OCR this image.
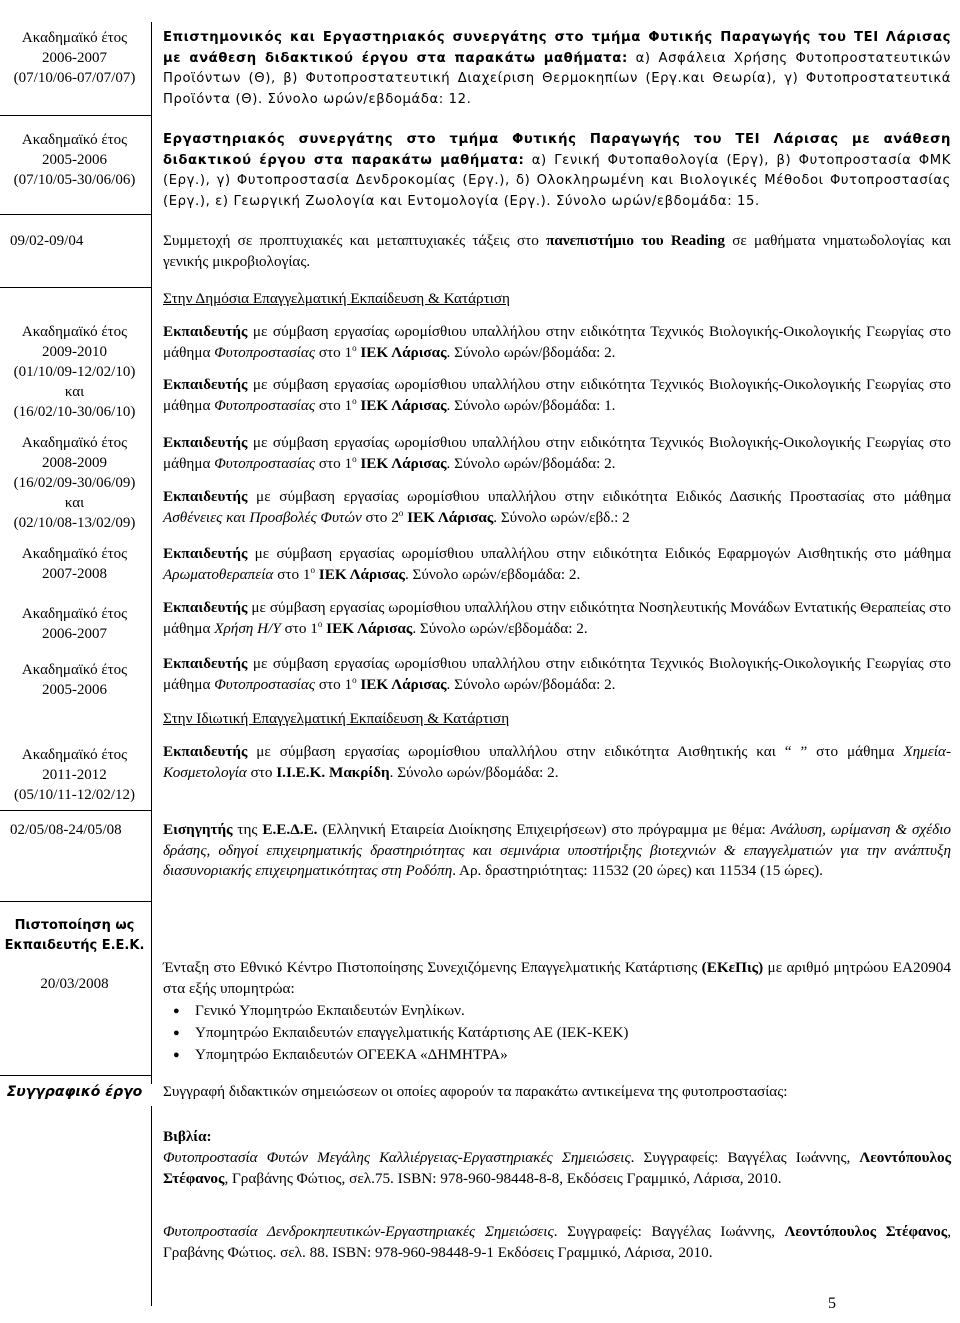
Ακαδημαϊκό έτος
2006-2007
(07/10/06-07/07/07)
Ακαδημαϊκό έτος
2005-2006
(07/10/05-30/06/06)
09/02-09/04
Ακαδημαϊκό έτος
2009-2010
(01/10/09-12/02/10)
και
(16/02/10-30/06/10)
Ακαδημαϊκό έτος
2008-2009
(16/02/09-30/06/09)
και
(02/10/08-13/02/09)
Ακαδημαϊκό έτος
2007-2008
Ακαδημαϊκό έτος
2006-2007
Ακαδημαϊκό έτος
2005-2006
Ακαδημαϊκό έτος
2011-2012
(05/10/11-12/02/12)
02/05/08-24/05/08
Πιστοποίηση ως
Εκπαιδευτής Ε.Ε.Κ.
20/03/2008
Συγγραφικό έργο
Επιστημονικός και Εργαστηριακός συνεργάτης στο τμήμα Φυτικής Παραγωγής του ΤΕΙ Λάρισας με ανάθεση διδακτικού έργου στα παρακάτω μαθήματα: α) Ασφάλεια Χρήσης Φυτοπροστατευτικών Προϊόντων (Θ), β) Φυτοπροστατευτική Διαχείριση Θερμοκηπίων (Εργ.και Θεωρία), γ) Φυτοπροστατευτικά Προϊόντα (Θ). Σύνολο ωρών/εβδομάδα: 12.
Εργαστηριακός συνεργάτης στο τμήμα Φυτικής Παραγωγής του ΤΕΙ Λάρισας με ανάθεση διδακτικού έργου στα παρακάτω μαθήματα: α) Γενική Φυτοπαθολογία (Εργ), β) Φυτοπροστασία ΦΜΚ (Εργ.), γ) Φυτοπροστασία Δενδροκομίας (Εργ.), δ) Ολοκληρωμένη και Βιολογικές Μέθοδοι Φυτοπροστασίας (Εργ.), ε) Γεωργική Ζωολογία και Εντομολογία (Εργ.). Σύνολο ωρών/εβδομάδα: 15.
Συμμετοχή σε προπτυχιακές και μεταπτυχιακές τάξεις στο πανεπιστήμιο του Reading σε μαθήματα νηματωδολογίας και γενικής μικροβιολογίας.
Στην Δημόσια Επαγγελματική Εκπαίδευση & Κατάρτιση
Εκπαιδευτής με σύμβαση εργασίας ωρομίσθιου υπαλλήλου στην ειδικότητα Τεχνικός Βιολογικής-Οικολογικής Γεωργίας στο μάθημα Φυτοπροστασίας στο $1^o$ ΙΕΚ Λάρισας. Σύνολο ωρών/βδομάδα: 2.
Εκπαιδευτής με σύμβαση εργασίας ωρομίσθιου υπαλλήλου στην ειδικότητα Τεχνικός Βιολογικής-Οικολογικής Γεωργίας στο μάθημα Φυτοπροστασίας στο $1^o$ ΙΕΚ Λάρισας. Σύνολο ωρών/βδομάδα: 1.
Εκπαιδευτής με σύμβαση εργασίας ωρομίσθιου υπαλλήλου στην ειδικότητα Τεχνικός Βιολογικής-Οικολογικής Γεωργίας στο μάθημα Φυτοπροστασίας στο $1^o$ ΙΕΚ Λάρισας. Σύνολο ωρών/βδομάδα: 2.
Εκπαιδευτής με σύμβαση εργασίας ωρομίσθιου υπαλλήλου στην ειδικότητα Ειδικός Δασικής Προστασίας στο μάθημα Ασθένειες και Προσβολές Φυτών στο $2^o$ ΙΕΚ Λάρισας. Σύνολο ωρών/εβδ.: 2
Εκπαιδευτής με σύμβαση εργασίας ωρομίσθιου υπαλλήλου στην ειδικότητα Ειδικός Εφαρμογών Αισθητικής στο μάθημα Αρωματοθεραπεία στο $1^o$ ΙΕΚ Λάρισας. Σύνολο ωρών/εβδομάδα: 2.
Εκπαιδευτής με σύμβαση εργασίας ωρομίσθιου υπαλλήλου στην ειδικότητα Νοσηλευτικής Μονάδων Εντατικής Θεραπείας στο μάθημα Χρήση Η/Υ στο $1^o$ ΙΕΚ Λάρισας. Σύνολο ωρών/εβδομάδα: 2.
Εκπαιδευτής με σύμβαση εργασίας ωρομίσθιου υπαλλήλου στην ειδικότητα Τεχνικός Βιολογικής-Οικολογικής Γεωργίας στο μάθημα Φυτοπροστασίας στο $1^o$ ΙΕΚ Λάρισας. Σύνολο ωρών/βδομάδα: 2.
Στην Ιδιωτική Επαγγελματική Εκπαίδευση & Κατάρτιση
Εκπαιδευτής με σύμβαση εργασίας ωρομίσθιου υπαλλήλου στην ειδικότητα Αισθητικής και “ ” στο μάθημα Χημεία-Κοσμετολογία στο Ι.Ι.Ε.Κ. Μακρίδη. Σύνολο ωρών/βδομάδα: 2.
Εισηγητής της Ε.Ε.Δ.Ε. (Ελληνική Εταιρεία Διοίκησης Επιχειρήσεων) στο πρόγραμμα με θέμα: Ανάλυση, ωρίμανση & σχέδιο δράσης, οδηγοί επιχειρηματικής δραστηριότητας και σεμινάρια υποστήριξης βιοτεχνιών & επαγγελματιών για την ανάπτυξη διασυνοριακής επιχειρηματικότητας στη Ροδόπη. Αρ. δραστηριότητας: 11532 (20 ώρες) και 11534 (15 ώρες).
Ένταξη στο Εθνικό Κέντρο Πιστοποίησης Συνεχιζόμενης Επαγγελματικής Κατάρτισης (ΕΚεΠις) με αριθμό μητρώου ΕΑ20904 στα εξής υπομητρώα:
● Γενικό Υπομητρώο Εκπαιδευτών Ενηλίκων.
● Υπομητρώο Εκπαιδευτών επαγγελματικής Κατάρτισης ΑΕ (ΙΕΚ-ΚΕΚ)
● Υπομητρώο Εκπαιδευτών ΟΓΕΕΚΑ «ΔΗΜΗΤΡΑ»
Συγγραφή διδακτικών σημειώσεων οι οποίες αφορούν τα παρακάτω αντικείμενα της φυτοπροστασίας:
Βιβλία:
Φυτοπροστασία Φυτών Μεγάλης Καλλιέργειας-Εργαστηριακές Σημειώσεις. Συγγραφείς: Βαγγέλας Ιωάννης, Λεοντόπουλος Στέφανος, Γραβάνης Φώτιος, σελ.75. ISBN: 978-960-98448-8-8, Εκδόσεις Γραμμικό, Λάρισα, 2010.
Φυτοπροστασία Δενδροκηπευτικών-Εργαστηριακές Σημειώσεις. Συγγραφείς: Βαγγέλας Ιωάννης, Λεοντόπουλος Στέφανος, Γραβάνης Φώτιος. σελ. 88. ISBN: 978-960-98448-9-1 Εκδόσεις Γραμμικό, Λάρισα, 2010.
5
